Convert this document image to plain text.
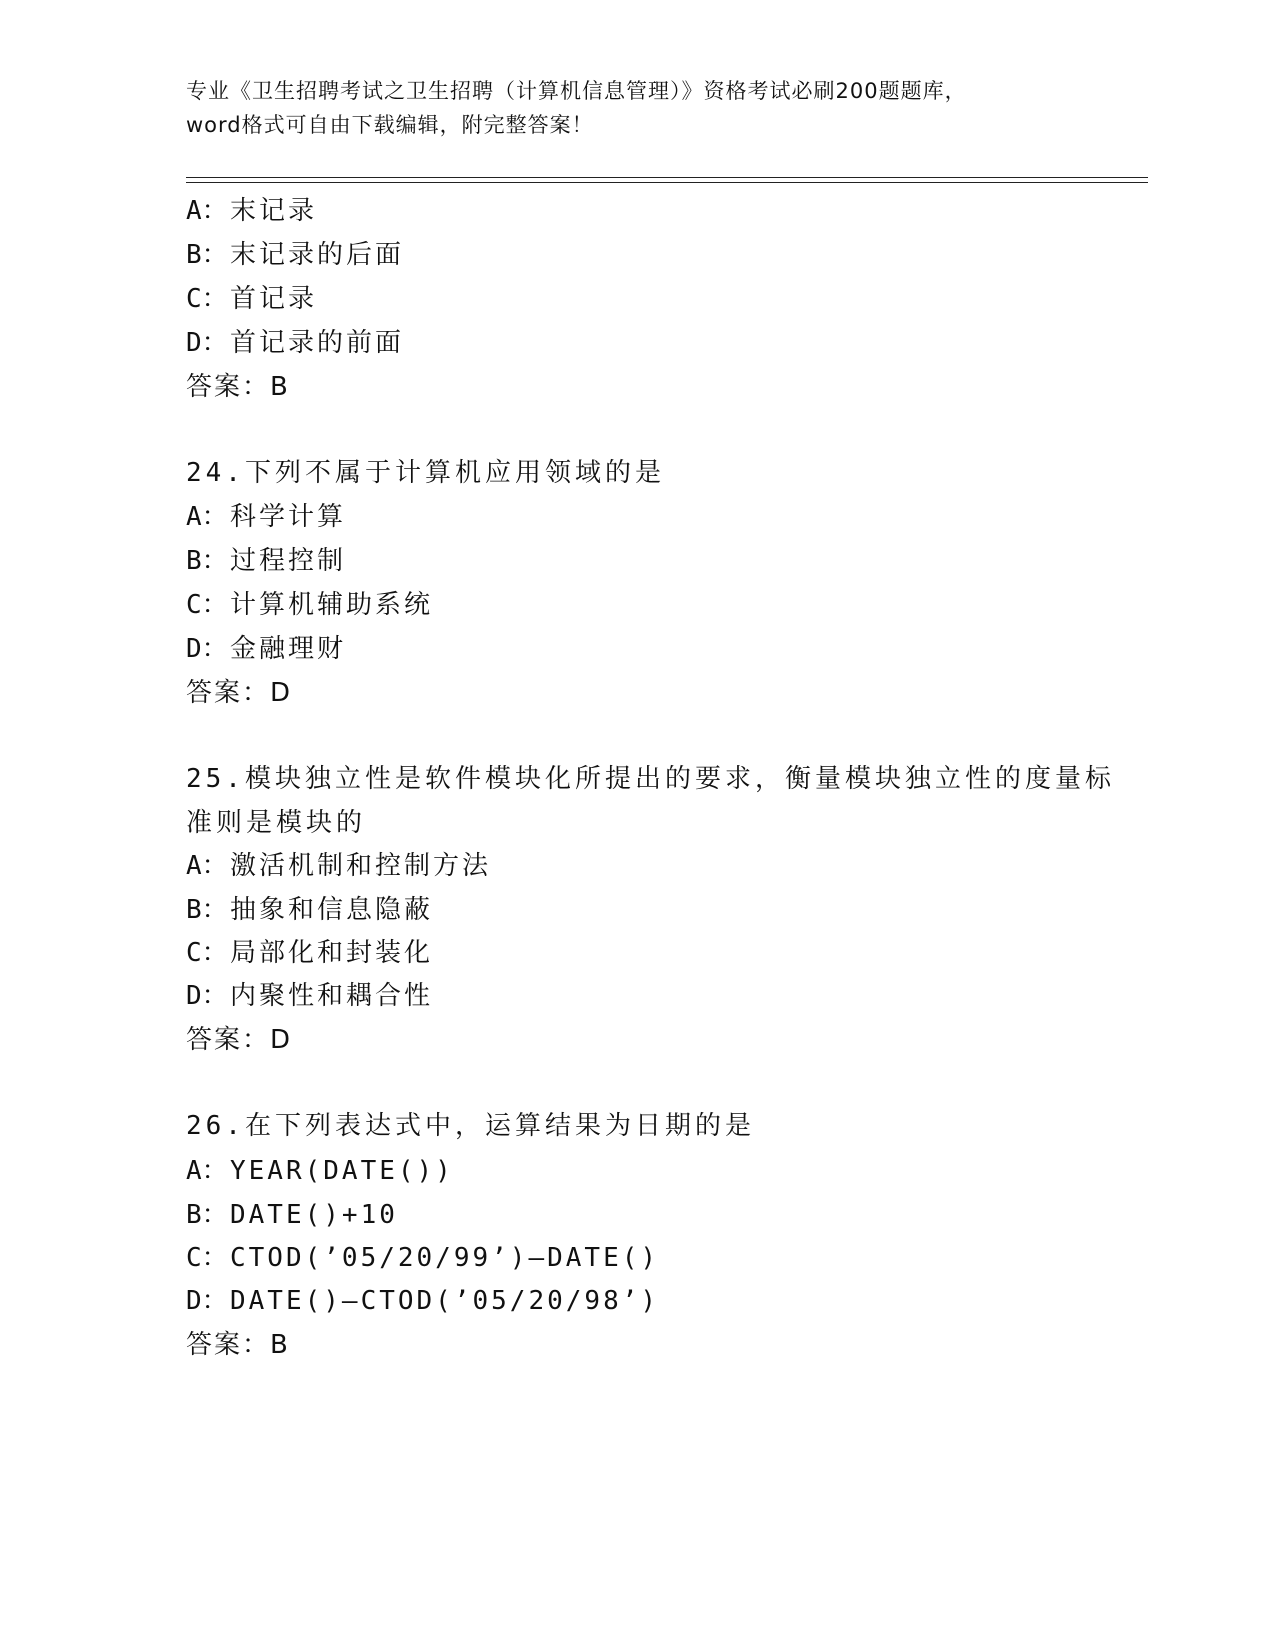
专业《卫生招聘考试之卫生招聘（计算机信息管理）》资格考试必刷200题题库，
word格式可自由下载编辑，附完整答案！
A：末记录
B：末记录的后面
C：首记录
D：首记录的前面
答案：B
24.下列不属于计算机应用领域的是
A：科学计算
B：过程控制
C：计算机辅助系统
D：金融理财
答案：D
25.模块独立性是软件模块化所提出的要求，衡量模块独立性的度量标
准则是模块的
A：激活机制和控制方法
B：抽象和信息隐蔽
C：局部化和封装化
D：内聚性和耦合性
答案：D
26.在下列表达式中，运算结果为日期的是
A：YEAR(DATE())
B：DATE()+10
C：CTOD(’05/20/99’)—DATE()
D：DATE()—CTOD(’05/20/98’)
答案：B
